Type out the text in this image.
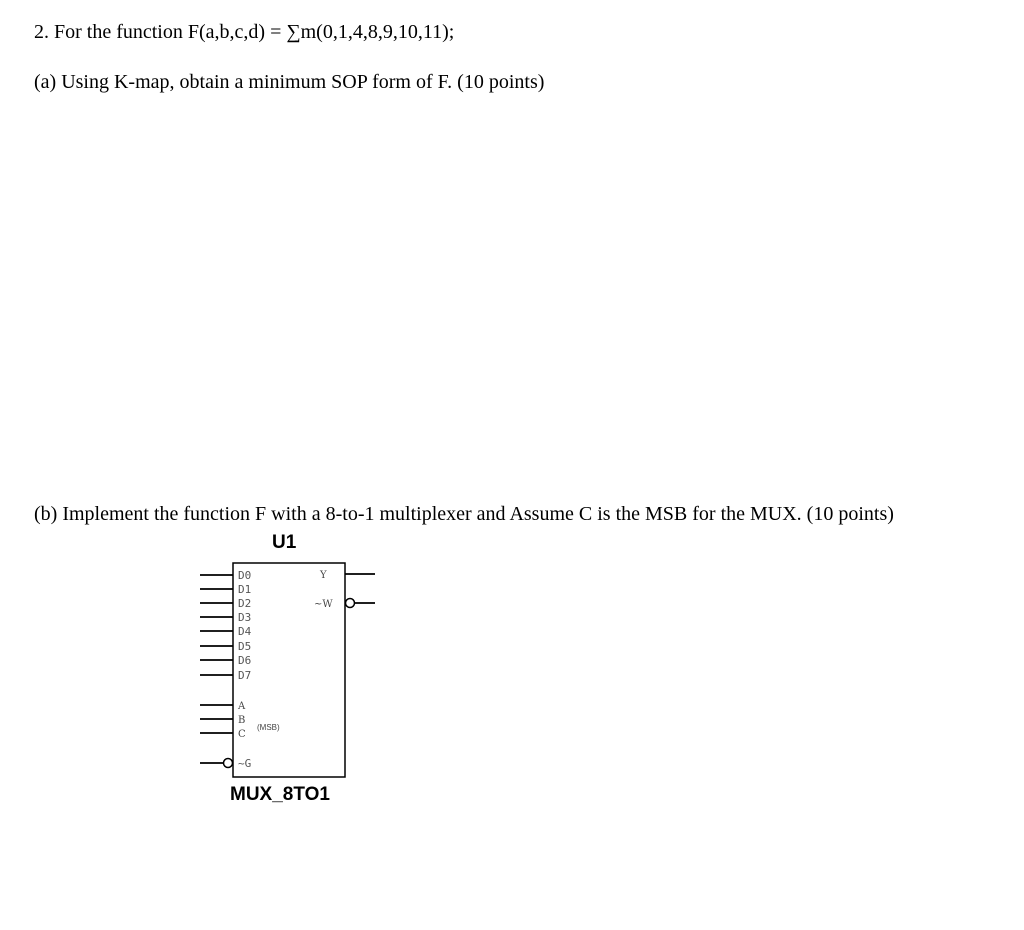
2. For the function F(a,b,c,d) = ∑m(0,1,4,8,9,10,11);
(a) Using K-map, obtain a minimum SOP form of F. (10 points)
(b) Implement the function F with a 8-to-1 multiplexer and Assume C is the MSB for the MUX. (10 points)
U1
D0
D1
D2
D3
D4
D5
D6
D7
A
B
C
(MSB)
~G
Y
~W
MUX_8TO1
